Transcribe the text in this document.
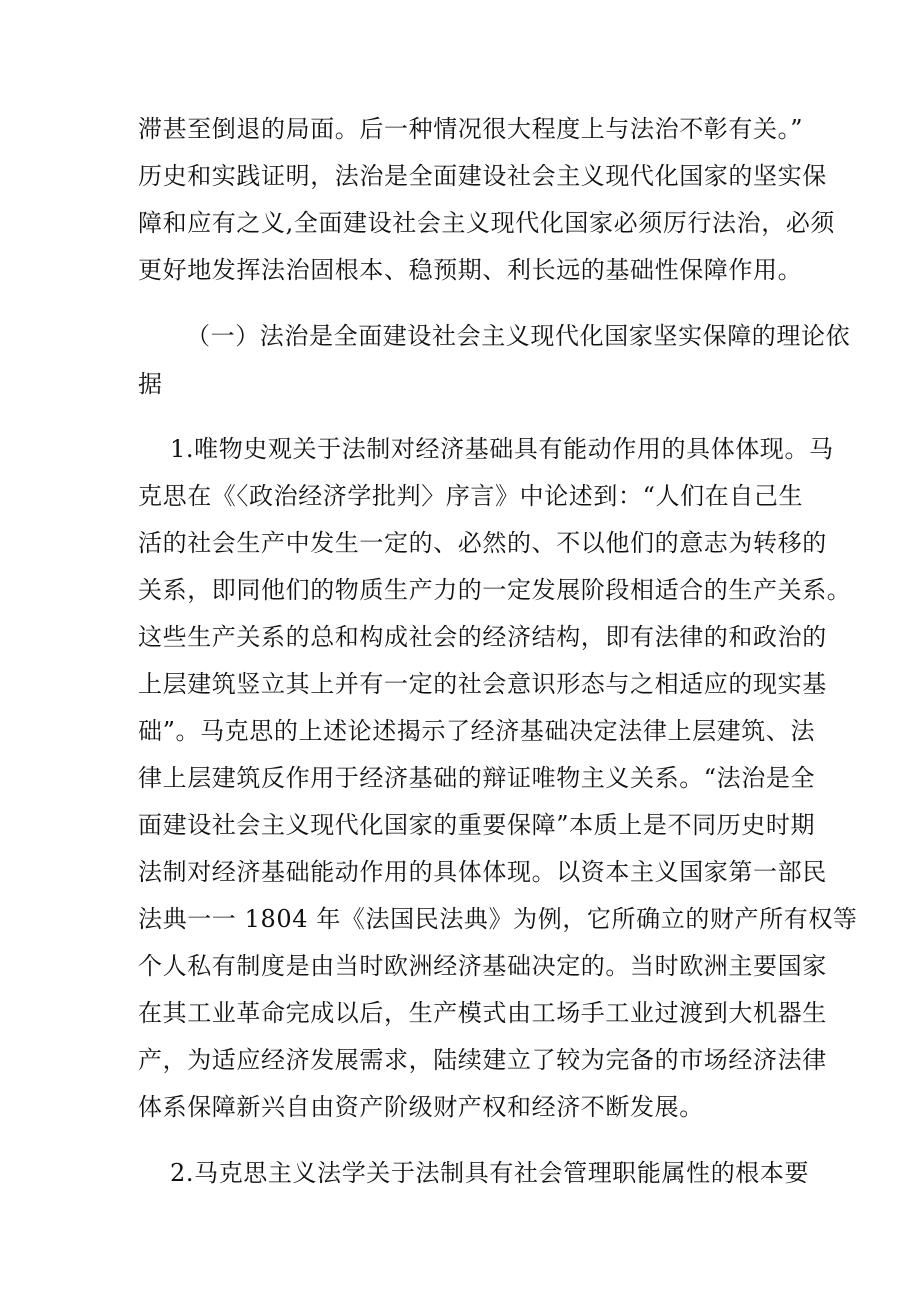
滞甚至倒退的局面。后一种情况很大程度上与法治不彰有关。”
历史和实践证明，法治是全面建设社会主义现代化国家的坚实保
障和应有之义,全面建设社会主义现代化国家必须厉行法治，必须
更好地发挥法治固根本、稳预期、利长远的基础性保障作用。
（一）法治是全面建设社会主义现代化国家坚实保障的理论依
据
1.唯物史观关于法制对经济基础具有能动作用的具体体现。马
克思在《〈政治经济学批判〉序言》中论述到：“人们在自己生
活的社会生产中发生一定的、必然的、不以他们的意志为转移的
关系，即同他们的物质生产力的一定发展阶段相适合的生产关系。
这些生产关系的总和构成社会的经济结构，即有法律的和政治的
上层建筑竖立其上并有一定的社会意识形态与之相适应的现实基
础”。马克思的上述论述揭示了经济基础决定法律上层建筑、法
律上层建筑反作用于经济基础的辩证唯物主义关系。“法治是全
面建设社会主义现代化国家的重要保障”本质上是不同历史时期
法制对经济基础能动作用的具体体现。以资本主义国家第一部民
法典一一 1804 年《法国民法典》为例，它所确立的财产所有权等
个人私有制度是由当时欧洲经济基础决定的。当时欧洲主要国家
在其工业革命完成以后，生产模式由工场手工业过渡到大机器生
产，为适应经济发展需求，陆续建立了较为完备的市场经济法律
体系保障新兴自由资产阶级财产权和经济不断发展。
2.马克思主义法学关于法制具有社会管理职能属性的根本要
